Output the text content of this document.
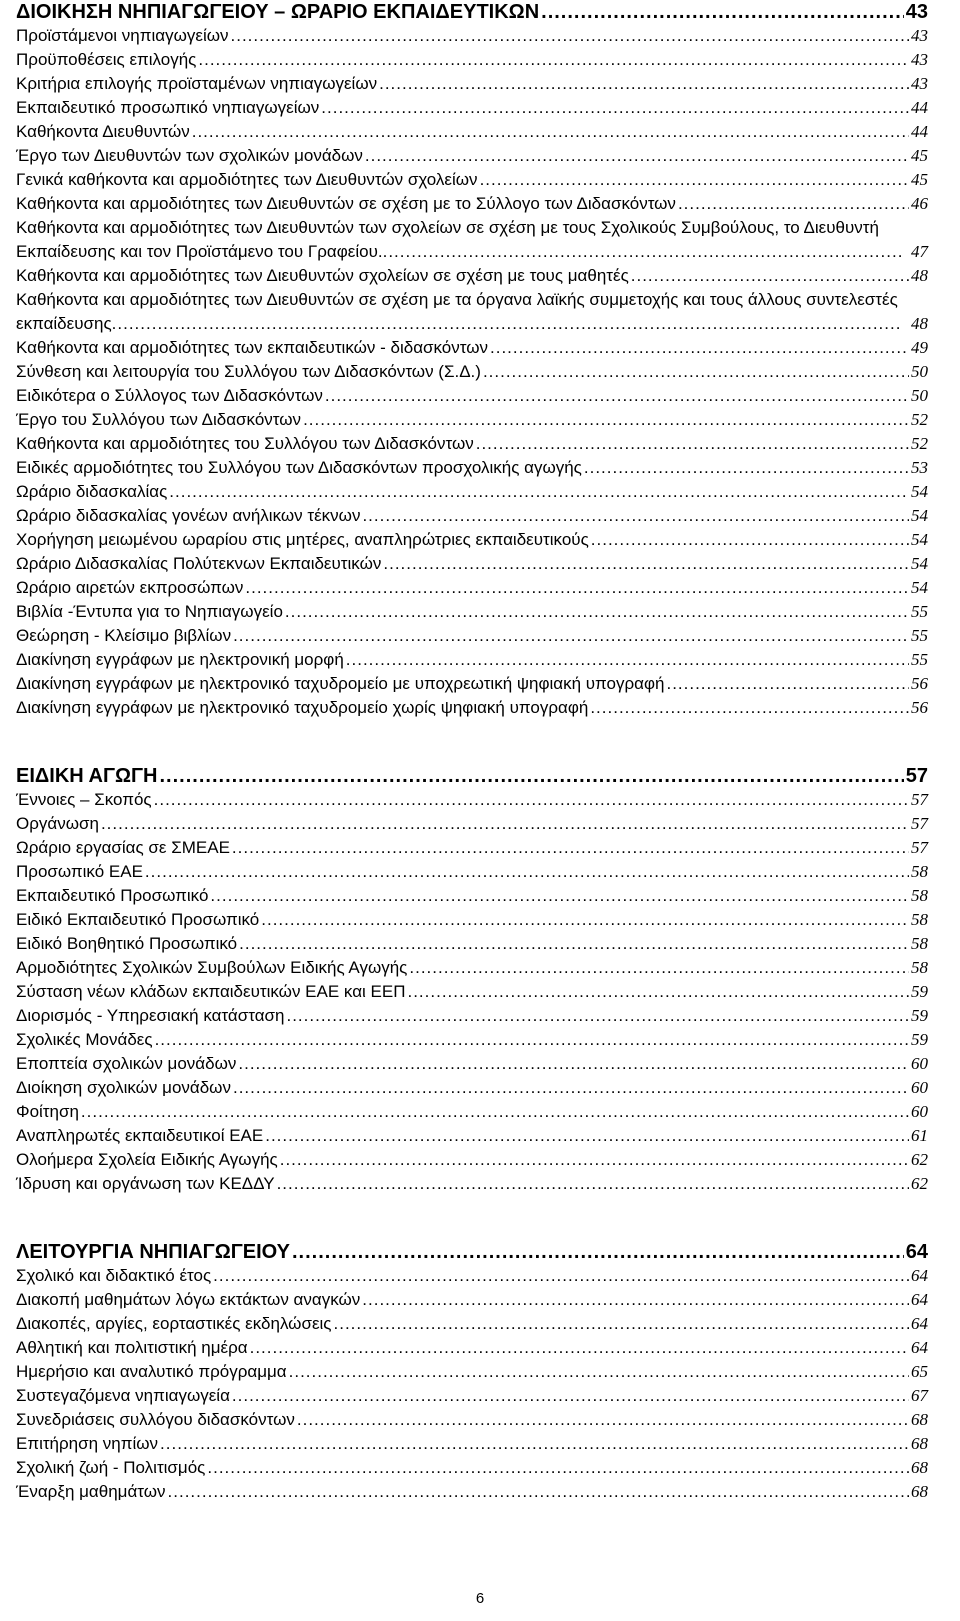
ΔΙΟΙΚΗΣΗ ΝΗΠΙΑΓΩΓΕΙΟΥ – ΩΡΑΡΙΟ ΕΚΠΑΙΔΕΥΤΙΚΩΝ .....	43
Προϊστάμενοι νηπιαγωγείων .....	43
Προϋποθέσεις επιλογής .....	43
Κριτήρια επιλογής προϊσταμένων νηπιαγωγείων .....	43
Εκπαιδευτικό προσωπικό νηπιαγωγείων .....	44
Καθήκοντα Διευθυντών .....	44
Έργο των Διευθυντών των σχολικών μονάδων .....	45
Γενικά καθήκοντα και αρμοδιότητες των Διευθυντών σχολείων .....	45
Καθήκοντα και αρμοδιότητες των Διευθυντών σε σχέση με το Σύλλογο των Διδασκόντων .....	46
Καθήκοντα και αρμοδιότητες των Διευθυντών των σχολείων σε σχέση με τους Σχολικούς Συμβούλους, το Διευθυντή Εκπαίδευσης και τον Προϊστάμενο του Γραφείου............................................................................................ 47
Καθήκοντα και αρμοδιότητες των Διευθυντών σχολείων σε σχέση με τους μαθητές .....	48
Καθήκοντα και αρμοδιότητες των Διευθυντών σε σχέση με τα όργανα λαϊκής συμμετοχής και τους άλλους συντελεστές εκπαίδευσης.......................................................................................................................................... 48
Καθήκοντα και αρμοδιότητες των εκπαιδευτικών - διδασκόντων .....	49
Σύνθεση και λειτουργία του Συλλόγου των Διδασκόντων (Σ.Δ.) .....	50
Ειδικότερα ο Σύλλογος των Διδασκόντων .....	50
Έργο του Συλλόγου των Διδασκόντων .....	52
Καθήκοντα και αρμοδιότητες του Συλλόγου των Διδασκόντων .....	52
Ειδικές αρμοδιότητες του Συλλόγου των Διδασκόντων προσχολικής αγωγής .....	53
Ωράριο διδασκαλίας .....	54
Ωράριο διδασκαλίας γονέων ανήλικων τέκνων .....	54
Χορήγηση μειωμένου ωραρίου στις μητέρες, αναπληρώτριες εκπαιδευτικούς .....	54
Ωράριο Διδασκαλίας Πολύτεκνων Εκπαιδευτικών .....	54
Ωράριο αιρετών εκπροσώπων .....	54
Βιβλία -Έντυπα για το Νηπιαγωγείο .....	55
Θεώρηση - Κλείσιμο βιβλίων .....	55
Διακίνηση εγγράφων με ηλεκτρονική μορφή .....	55
Διακίνηση εγγράφων με ηλεκτρονικό ταχυδρομείο με υποχρεωτική ψηφιακή υπογραφή .....	56
Διακίνηση εγγράφων με ηλεκτρονικό ταχυδρομείο χωρίς ψηφιακή υπογραφή .....	56
ΕΙΔΙΚΗ ΑΓΩΓΗ .....	57
Έννοιες – Σκοπός .....	57
Οργάνωση .....	57
Ωράριο εργασίας σε ΣΜΕΑΕ .....	57
Προσωπικό ΕΑΕ .....	58
Εκπαιδευτικό Προσωπικό .....	58
Ειδικό Εκπαιδευτικό Προσωπικό .....	58
Ειδικό Βοηθητικό Προσωπικό .....	58
Αρμοδιότητες Σχολικών Συμβούλων Ειδικής Αγωγής .....	58
Σύσταση νέων κλάδων εκπαιδευτικών ΕΑΕ και ΕΕΠ .....	59
Διορισμός - Υπηρεσιακή κατάσταση .....	59
Σχολικές Μονάδες .....	59
Εποπτεία σχολικών μονάδων .....	60
Διοίκηση σχολικών μονάδων .....	60
Φοίτηση .....	60
Αναπληρωτές εκπαιδευτικοί ΕΑΕ .....	61
Ολοήμερα Σχολεία Ειδικής Αγωγής .....	62
Ίδρυση και οργάνωση των ΚΕΔΔΥ .....	62
ΛΕΙΤΟΥΡΓΙΑ ΝΗΠΙΑΓΩΓΕΙΟΥ .....	64
Σχολικό και διδακτικό έτος .....	64
Διακοπή μαθημάτων λόγω εκτάκτων αναγκών .....	64
Διακοπές, αργίες, εορταστικές εκδηλώσεις .....	64
Αθλητική και πολιτιστική ημέρα .....	64
Ημερήσιο και αναλυτικό πρόγραμμα .....	65
Συστεγαζόμενα νηπιαγωγεία .....	67
Συνεδριάσεις συλλόγου διδασκόντων .....	68
Επιτήρηση νηπίων .....	68
Σχολική ζωή - Πολιτισμός .....	68
Έναρξη μαθημάτων .....	68
6
